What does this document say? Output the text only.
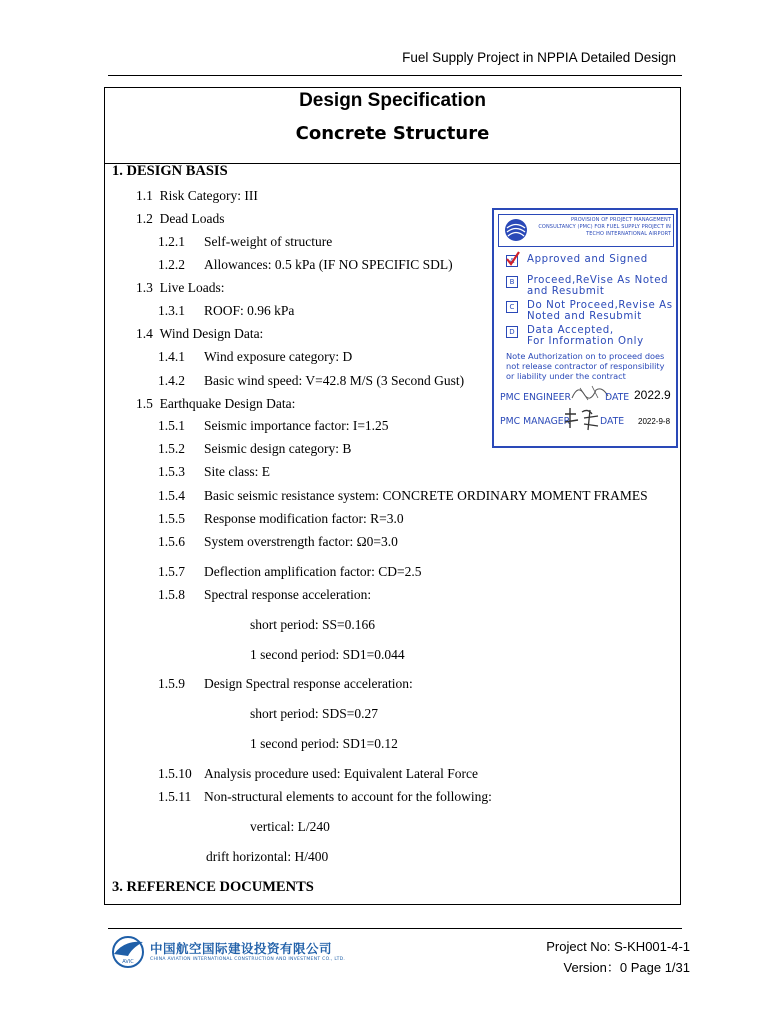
Fuel Supply Project in NPPIA Detailed Design
Design Specification
Concrete Structure
1. DESIGN BASIS
1.1 Risk Category: III
1.2 Dead Loads
1.2.1 Self-weight of structure
1.2.2 Allowances: 0.5 kPa (IF NO SPECIFIC SDL)
1.3 Live Loads:
1.3.1 ROOF: 0.96 kPa
1.4 Wind Design Data:
1.4.1 Wind exposure category: D
1.4.2 Basic wind speed: V=42.8 M/S (3 Second Gust)
1.5 Earthquake Design Data:
1.5.1 Seismic importance factor: I=1.25
1.5.2 Seismic design category: B
1.5.3 Site class: E
1.5.4 Basic seismic resistance system: CONCRETE ORDINARY MOMENT FRAMES
1.5.5 Response modification factor: R=3.0
1.5.6 System overstrength factor: Ω0=3.0
1.5.7 Deflection amplification factor: CD=2.5
1.5.8 Spectral response acceleration:
short period: SS=0.166
1 second period: SD1=0.044
1.5.9 Design Spectral response acceleration:
short period: SDS=0.27
1 second period: SD1=0.12
1.5.10 Analysis procedure used: Equivalent Lateral Force
1.5.11 Non-structural elements to account for the following:
vertical: L/240
drift horizontal: H/400
3. REFERENCE DOCUMENTS
PROVISION OF PROJECT MANAGEMENT CONSULTANCY (PMC) FOR FUEL SUPPLY PROJECT IN TECHO INTERNATIONAL AIRPORT
A	Approved and Signed
B	Proceed,ReVise As Noted
and Resubmit
C	Do Not Proceed,Revise As
Noted and Resubmit
D	Data Accepted,
For Information Only
Note Authorization on to proceed does
not release contractor of responsibility
or liability under the contract
PMC ENGINEER	DATE 2022.9
PMC MANAGER	DATE 2022-9-8
AVIC
中国航空国际建设投资有限公司
CHINA AVIATION INTERNATIONAL CONSTRUCTION AND INVESTMENT CO., LTD.
Project No: S-KH001-4-1
Version：0 Page 1/31
